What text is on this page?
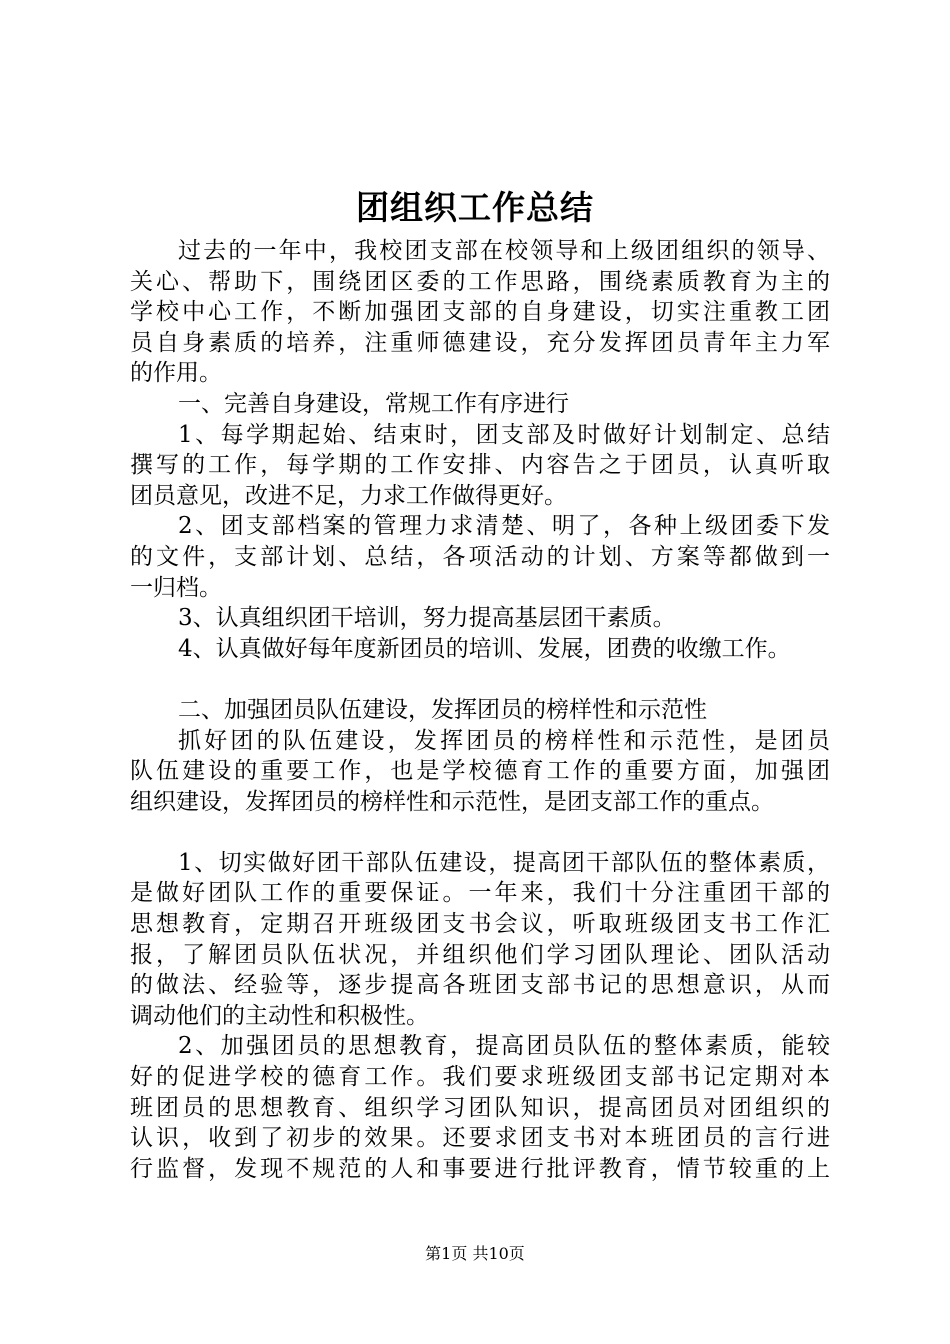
团组织工作总结
过去的一年中，我校团支部在校领导和上级团组织的领导、
关心、帮助下，围绕团区委的工作思路，围绕素质教育为主的
学校中心工作，不断加强团支部的自身建设，切实注重教工团
员自身素质的培养，注重师德建设，充分发挥团员青年主力军
的作用。
一、完善自身建设，常规工作有序进行
1、每学期起始、结束时，团支部及时做好计划制定、总结
撰写的工作，每学期的工作安排、内容告之于团员，认真听取
团员意见，改进不足，力求工作做得更好。
2、团支部档案的管理力求清楚、明了，各种上级团委下发
的文件，支部计划、总结，各项活动的计划、方案等都做到一
一归档。
3、认真组织团干培训，努力提高基层团干素质。
4、认真做好每年度新团员的培训、发展，团费的收缴工作。
二、加强团员队伍建设，发挥团员的榜样性和示范性
抓好团的队伍建设，发挥团员的榜样性和示范性，是团员
队伍建设的重要工作，也是学校德育工作的重要方面，加强团
组织建设，发挥团员的榜样性和示范性，是团支部工作的重点。
1、切实做好团干部队伍建设，提高团干部队伍的整体素质，
是做好团队工作的重要保证。一年来，我们十分注重团干部的
思想教育，定期召开班级团支书会议，听取班级团支书工作汇
报，了解团员队伍状况，并组织他们学习团队理论、团队活动
的做法、经验等，逐步提高各班团支部书记的思想意识，从而
调动他们的主动性和积极性。
2、加强团员的思想教育，提高团员队伍的整体素质，能较
好的促进学校的德育工作。我们要求班级团支部书记定期对本
班团员的思想教育、组织学习团队知识，提高团员对团组织的
认识，收到了初步的效果。还要求团支书对本班团员的言行进
行监督，发现不规范的人和事要进行批评教育，情节较重的上
第1页 共10页
